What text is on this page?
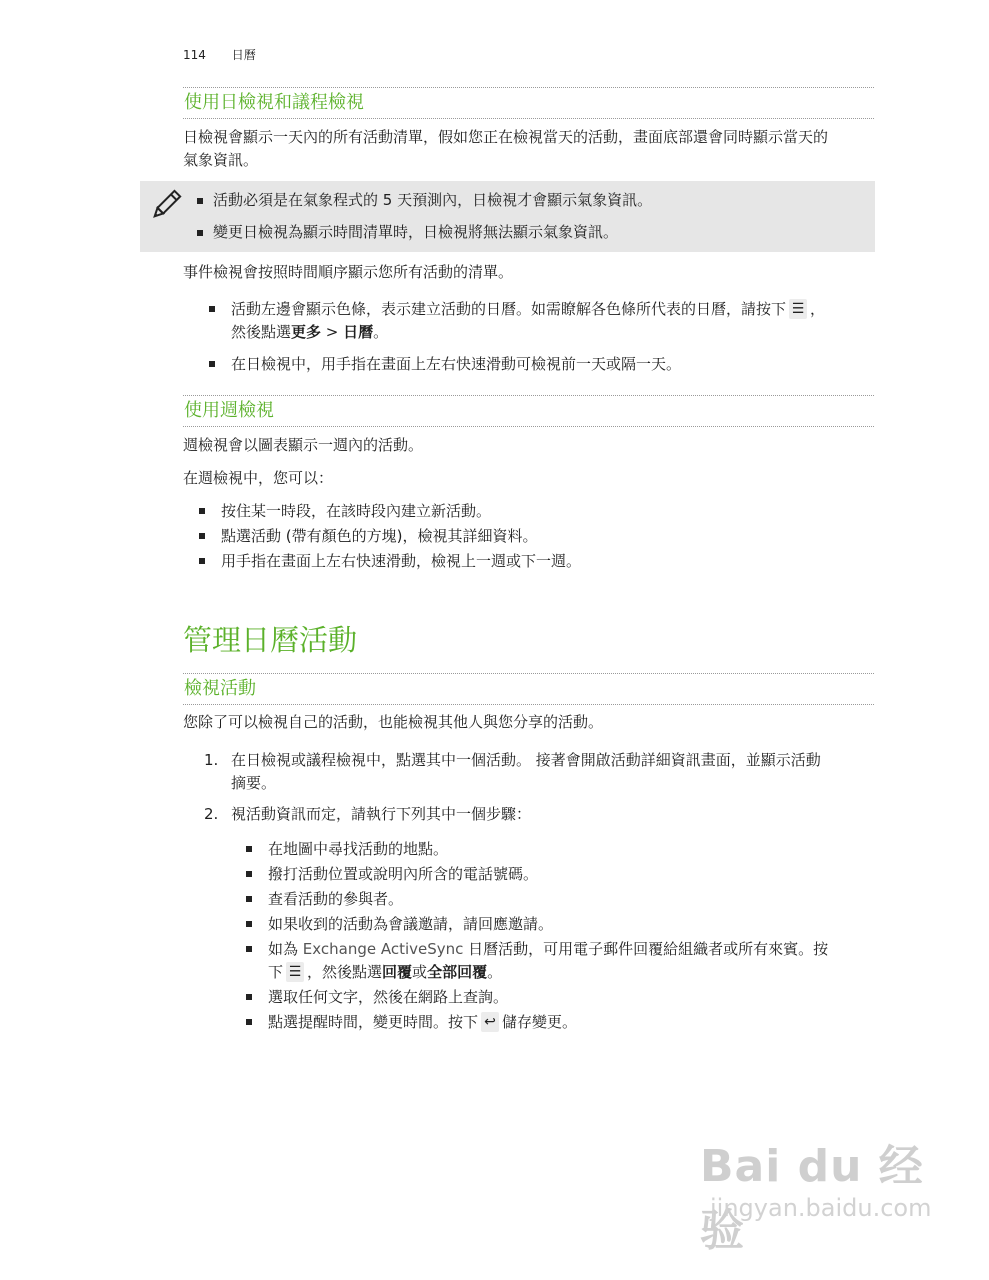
114 日曆
使用日檢視和議程檢視
日檢視會顯示一天內的所有活動清單，假如您正在檢視當天的活動，畫面底部還會同時顯示當天的
氣象資訊。
活動必須是在氣象程式的 5 天預測內，日檢視才會顯示氣象資訊。
變更日檢視為顯示時間清單時，日檢視將無法顯示氣象資訊。
事件檢視會按照時間順序顯示您所有活動的清單。
活動左邊會顯示色條，表示建立活動的日曆。如需瞭解各色條所代表的日曆，請按下 ☰ ，
然後點選更多 > 日曆。
在日檢視中，用手指在畫面上左右快速滑動可檢視前一天或隔一天。
使用週檢視
週檢視會以圖表顯示一週內的活動。
在週檢視中，您可以：
按住某一時段，在該時段內建立新活動。
點選活動 (帶有顏色的方塊)，檢視其詳細資料。
用手指在畫面上左右快速滑動，檢視上一週或下一週。
管理日曆活動
檢視活動
您除了可以檢視自己的活動，也能檢視其他人與您分享的活動。
1. 在日檢視或議程檢視中，點選其中一個活動。 接著會開啟活動詳細資訊畫面，並顯示活動
摘要。
2. 視活動資訊而定，請執行下列其中一個步驟：
在地圖中尋找活動的地點。
撥打活動位置或說明內所含的電話號碼。
查看活動的參與者。
如果收到的活動為會議邀請，請回應邀請。
如為 Exchange ActiveSync 日曆活動，可用電子郵件回覆給組織者或所有來賓。按
下 ☰ ，然後點選回覆或全部回覆。
選取任何文字，然後在網路上查詢。
點選提醒時間，變更時間。按下 ↩ 儲存變更。
Bai du 经验
jingyan.baidu.com
